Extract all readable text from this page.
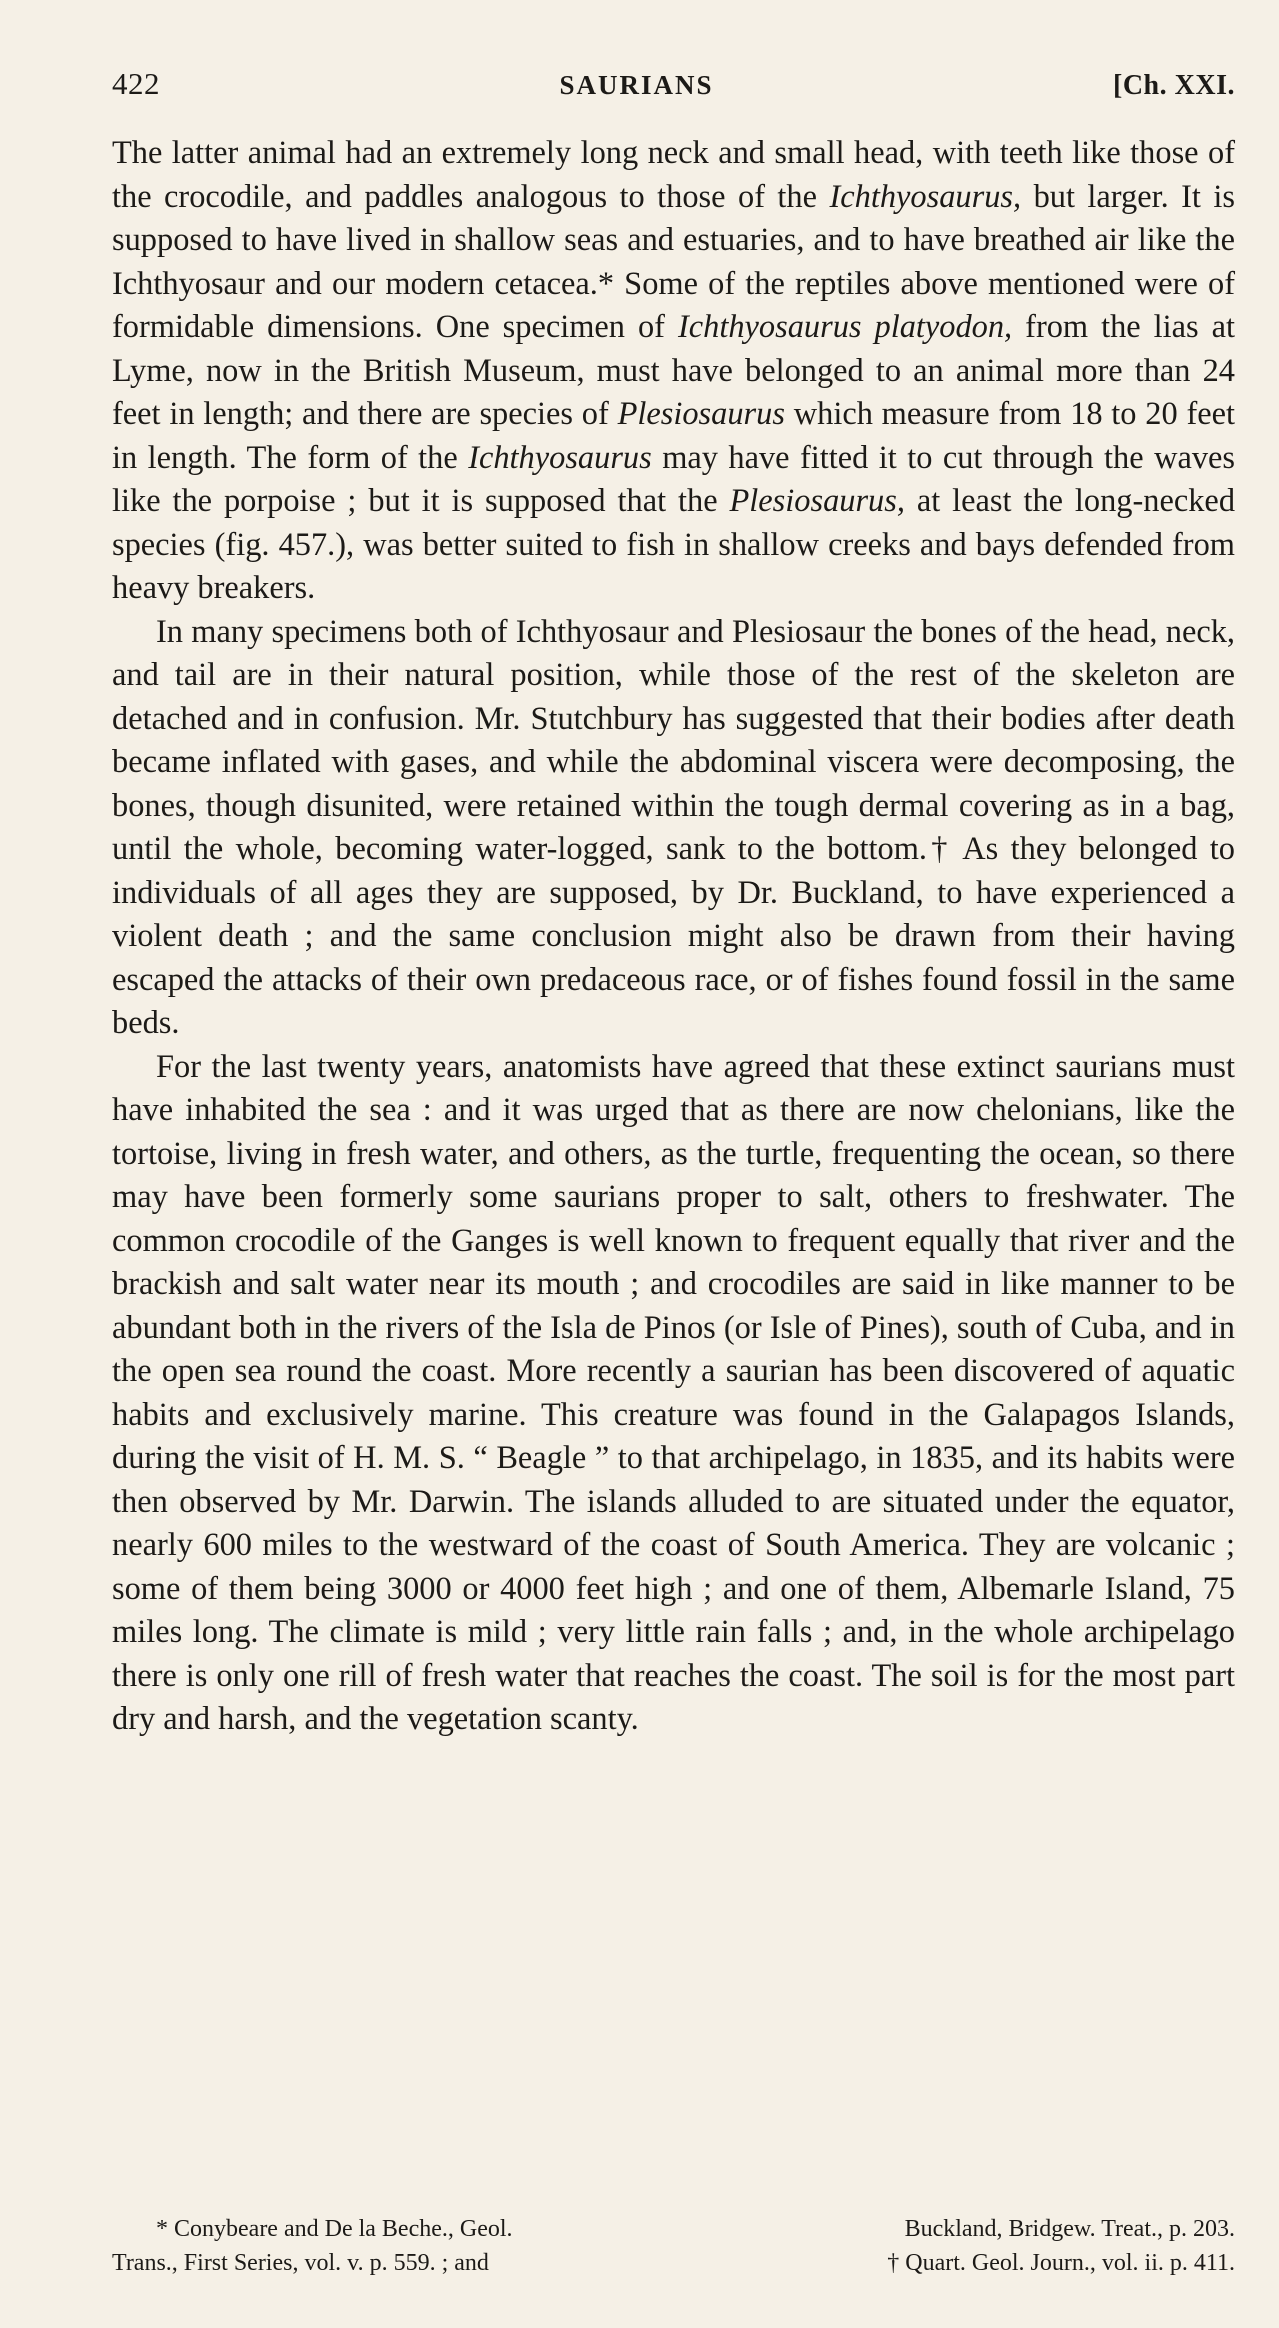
422	SAURIANS	[Ch. XXI.

The latter animal had an extremely long neck and small head, with teeth like those of the crocodile, and paddles analogous to those of the Ichthyosaurus, but larger. It is supposed to have lived in shallow seas and estuaries, and to have breathed air like the Ichthyosaur and our modern cetacea.* Some of the reptiles above mentioned were of formidable dimensions. One specimen of Ichthyosaurus platyodon, from the lias at Lyme, now in the British Museum, must have belonged to an animal more than 24 feet in length; and there are species of Plesiosaurus which measure from 18 to 20 feet in length. The form of the Ichthyosaurus may have fitted it to cut through the waves like the porpoise ; but it is supposed that the Plesiosaurus, at least the long-necked species (fig. 457.), was better suited to fish in shallow creeks and bays defended from heavy breakers.

In many specimens both of Ichthyosaur and Plesiosaur the bones of the head, neck, and tail are in their natural position, while those of the rest of the skeleton are detached and in confusion. Mr. Stutchbury has suggested that their bodies after death became inflated with gases, and while the abdominal viscera were decomposing, the bones, though disunited, were retained within the tough dermal covering as in a bag, until the whole, becoming water-logged, sank to the bottom.† As they belonged to individuals of all ages they are supposed, by Dr. Buckland, to have experienced a violent death ; and the same conclusion might also be drawn from their having escaped the attacks of their own predaceous race, or of fishes found fossil in the same beds.

For the last twenty years, anatomists have agreed that these extinct saurians must have inhabited the sea : and it was urged that as there are now chelonians, like the tortoise, living in fresh water, and others, as the turtle, frequenting the ocean, so there may have been formerly some saurians proper to salt, others to freshwater. The common crocodile of the Ganges is well known to frequent equally that river and the brackish and salt water near its mouth ; and crocodiles are said in like manner to be abundant both in the rivers of the Isla de Pinos (or Isle of Pines), south of Cuba, and in the open sea round the coast. More recently a saurian has been discovered of aquatic habits and exclusively marine. This creature was found in the Galapagos Islands, during the visit of H. M. S. “ Beagle ” to that archipelago, in 1835, and its habits were then observed by Mr. Darwin. The islands alluded to are situated under the equator, nearly 600 miles to the westward of the coast of South America. They are volcanic ; some of them being 3000 or 4000 feet high ; and one of them, Albemarle Island, 75 miles long. The climate is mild ; very little rain falls ; and, in the whole archipelago there is only one rill of fresh water that reaches the coast. The soil is for the most part dry and harsh, and the vegetation scanty.

* Conybeare and De la Beche., Geol.	Buckland, Bridgew. Treat., p. 203.
Trans., First Series, vol. v. p. 559. ; and	† Quart. Geol. Journ., vol. ii. p. 411.
